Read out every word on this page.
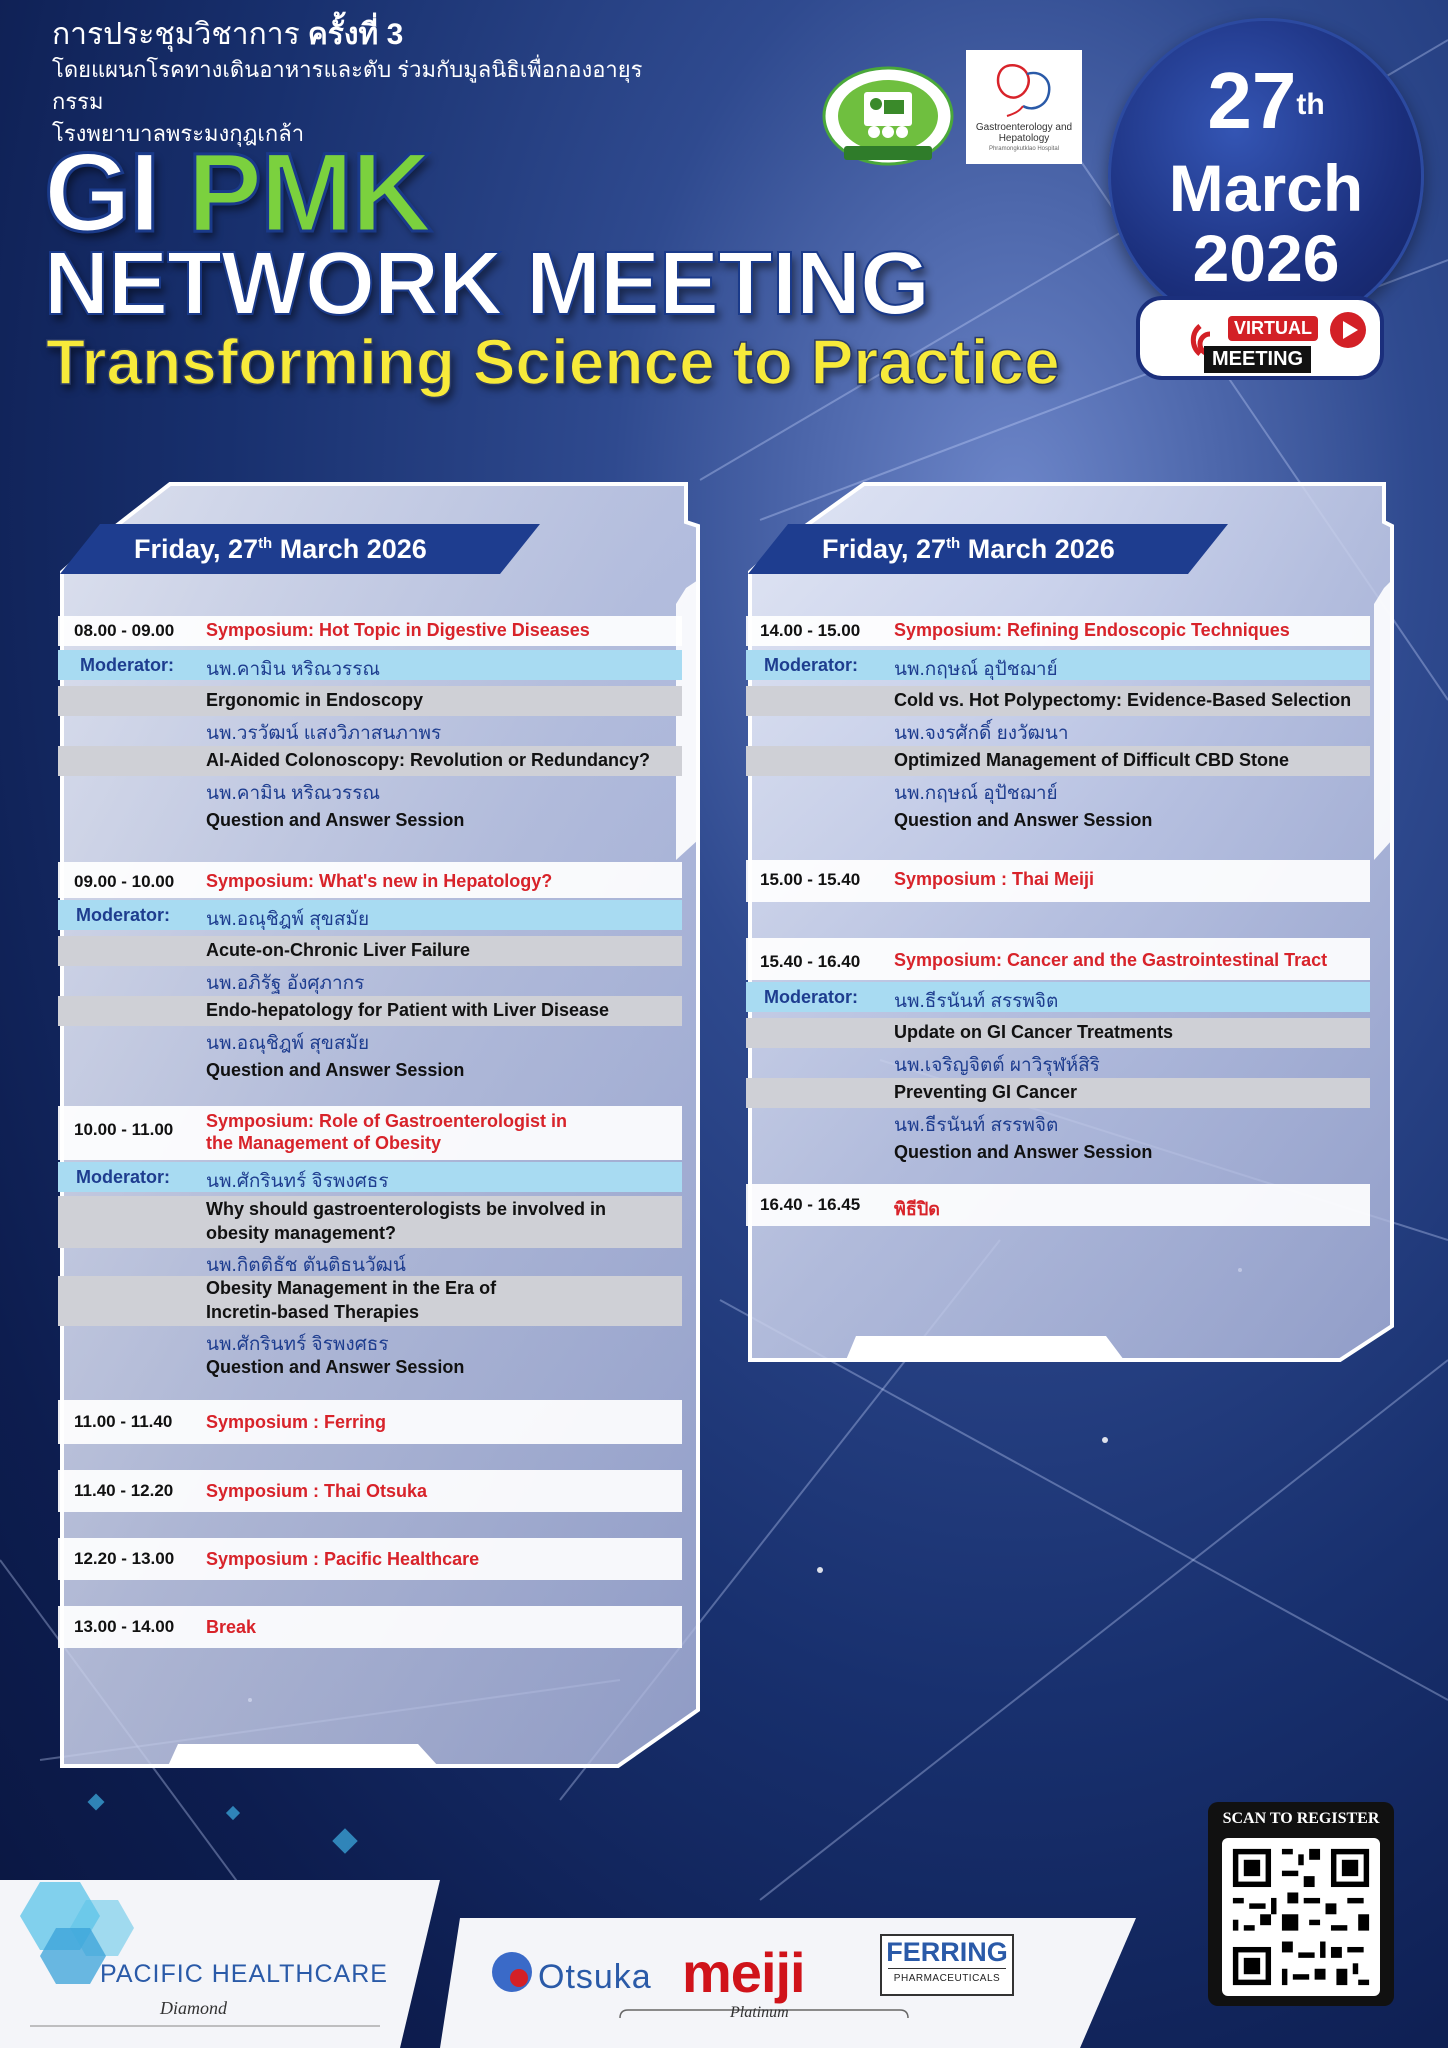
การประชุมวิชาการ ครั้งที่ 3
โดยแผนกโรคทางเดินอาหารและตับ ร่วมกับมูลนิธิเพื่อกองอายุรกรรม
โรงพยาบาลพระมงกุฎเกล้า
GI PMK
NETWORK MEETING
Transforming Science to Practice
Gastroenterology and Hepatology
Phramongkutklao Hospital
27th
March
2026
VIRTUAL
MEETING
Friday, 27th March 2026
08.00 - 09.00 Symposium: Hot Topic in Digestive Diseases
Moderator: นพ.คามิน หริณวรรณ
Ergonomic in Endoscopy
นพ.วรวัฒน์ แสงวิภาสนภาพร
AI-Aided Colonoscopy: Revolution or Redundancy?
นพ.คามิน หริณวรรณ
Question and Answer Session
09.00 - 10.00 Symposium: What's new in Hepatology?
Moderator: นพ.อณุชิฎพ์ สุขสมัย
Acute-on-Chronic Liver Failure
นพ.อภิรัฐ อังศุภากร
Endo-hepatology for Patient with Liver Disease
นพ.อณุชิฎพ์ สุขสมัย
Question and Answer Session
10.00 - 11.00 Symposium: Role of Gastroenterologist in
the Management of Obesity
Moderator: นพ.ศักรินทร์ จิรพงศธร
Why should gastroenterologists be involved in
obesity management?
นพ.กิตติธัช ตันติธนวัฒน์
Obesity Management in the Era of
Incretin-based Therapies
นพ.ศักรินทร์ จิรพงศธร
Question and Answer Session
11.00 - 11.40 Symposium : Ferring
11.40 - 12.20 Symposium : Thai Otsuka
12.20 - 13.00 Symposium : Pacific Healthcare
13.00 - 14.00 Break
Friday, 27th March 2026
14.00 - 15.00 Symposium: Refining Endoscopic Techniques
Moderator: นพ.กฤษณ์ อุปัชฌาย์
Cold vs. Hot Polypectomy: Evidence-Based Selection
นพ.จงรศักดิ์ ยงวัฒนา
Optimized Management of Difficult CBD Stone
นพ.กฤษณ์ อุปัชฌาย์
Question and Answer Session
15.00 - 15.40 Symposium : Thai Meiji
15.40 - 16.40 Symposium: Cancer and the Gastrointestinal Tract
Moderator: นพ.ธีรนันท์ สรรพจิต
Update on GI Cancer Treatments
นพ.เจริญจิตต์ ผาวิรุฬห์สิริ
Preventing GI Cancer
นพ.ธีรนันท์ สรรพจิต
Question and Answer Session
16.40 - 16.45 พิธีปิด
SCAN TO REGISTER
PACIFIC HEALTHCARE
Diamond
Otsuka meiji	FERRING
PHARMACEUTICALS
Platinum
